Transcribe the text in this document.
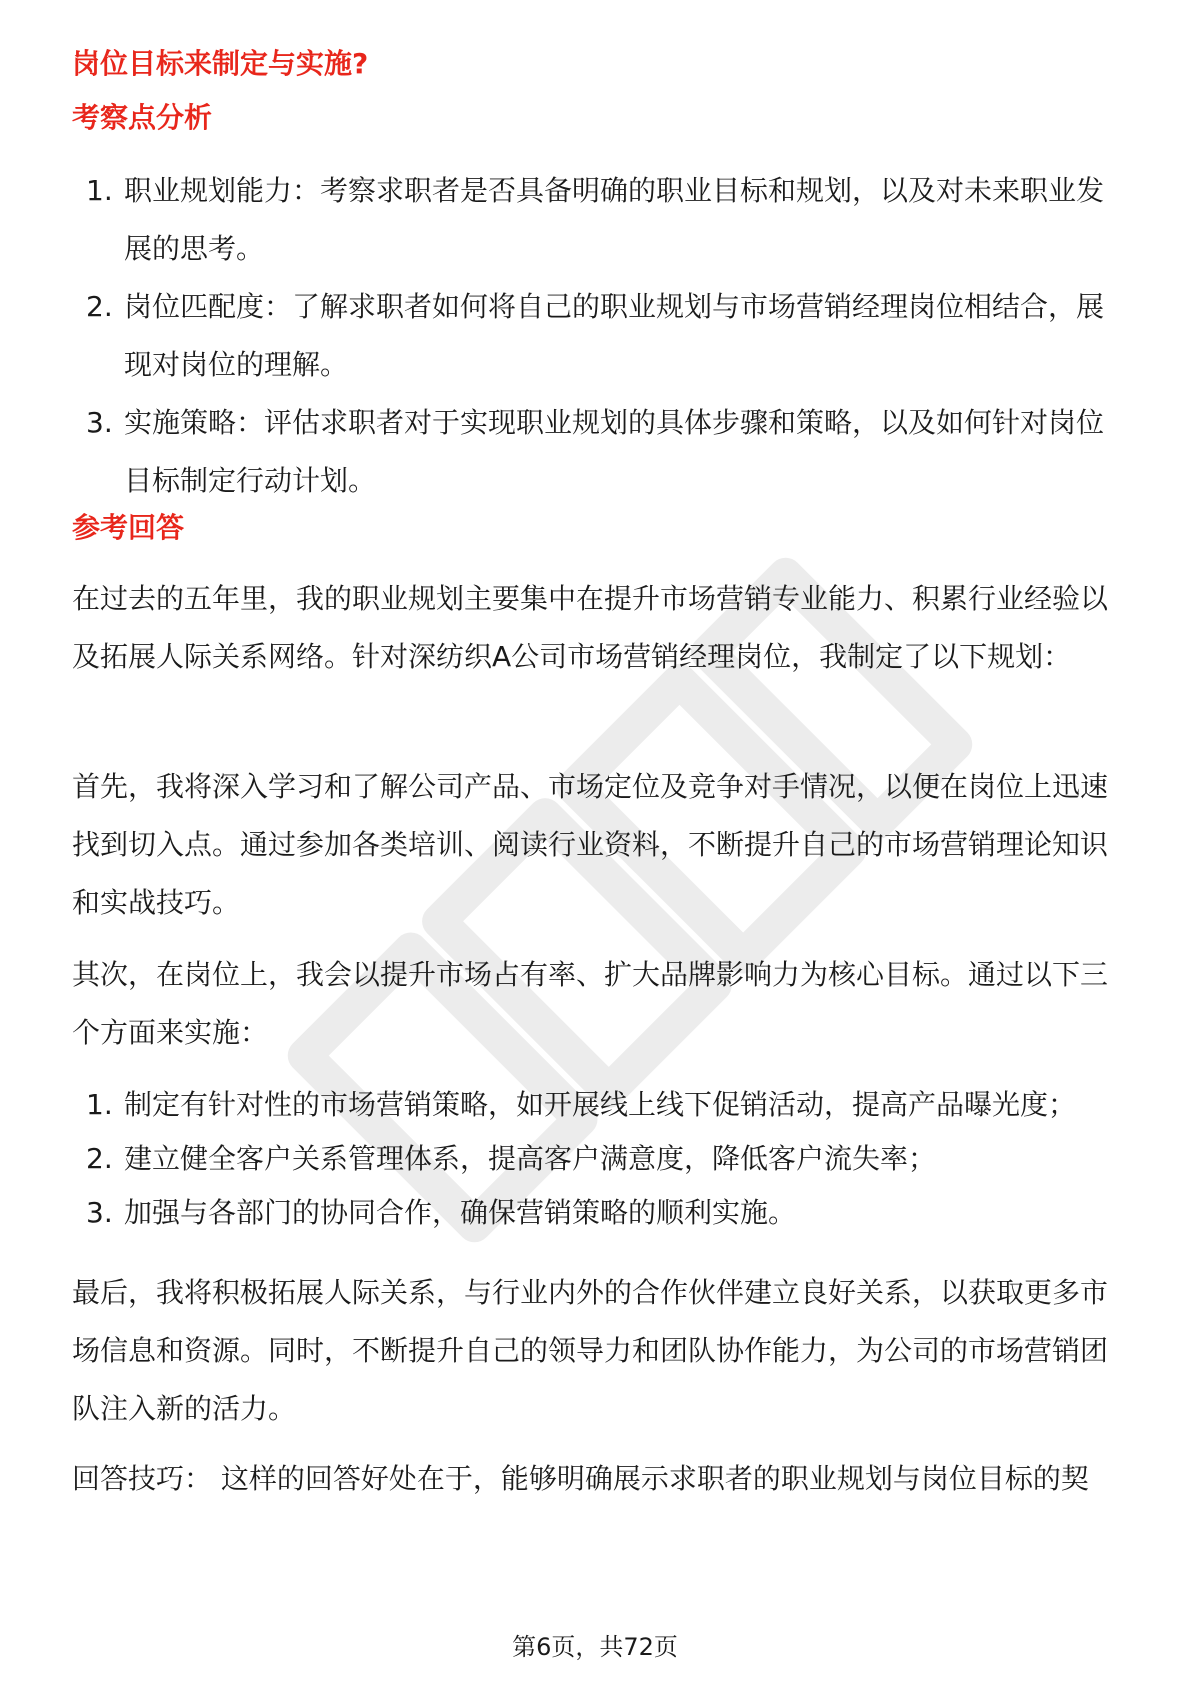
岗位目标来制定与实施?
考察点分析
1. 职业规划能力：考察求职者是否具备明确的职业目标和规划，以及对未来职业发展的思考。
2. 岗位匹配度：了解求职者如何将自己的职业规划与市场营销经理岗位相结合，展现对岗位的理解。
3. 实施策略：评估求职者对于实现职业规划的具体步骤和策略，以及如何针对岗位目标制定行动计划。
参考回答

在过去的五年里，我的职业规划主要集中在提升市场营销专业能力、积累行业经验以及拓展人际关系网络。针对深纺织A公司市场营销经理岗位，我制定了以下规划：

首先，我将深入学习和了解公司产品、市场定位及竞争对手情况，以便在岗位上迅速找到切入点。通过参加各类培训、阅读行业资料，不断提升自己的市场营销理论知识和实战技巧。

其次，在岗位上，我会以提升市场占有率、扩大品牌影响力为核心目标。通过以下三个方面来实施：

1. 制定有针对性的市场营销策略，如开展线上线下促销活动，提高产品曝光度；
2. 建立健全客户关系管理体系，提高客户满意度，降低客户流失率；
3. 加强与各部门的协同合作，确保营销策略的顺利实施。

最后，我将积极拓展人际关系，与行业内外的合作伙伴建立良好关系，以获取更多市场信息和资源。同时，不断提升自己的领导力和团队协作能力，为公司的市场营销团队注入新的活力。

回答技巧： 这样的回答好处在于，能够明确展示求职者的职业规划与岗位目标的契

第6页，共72页
